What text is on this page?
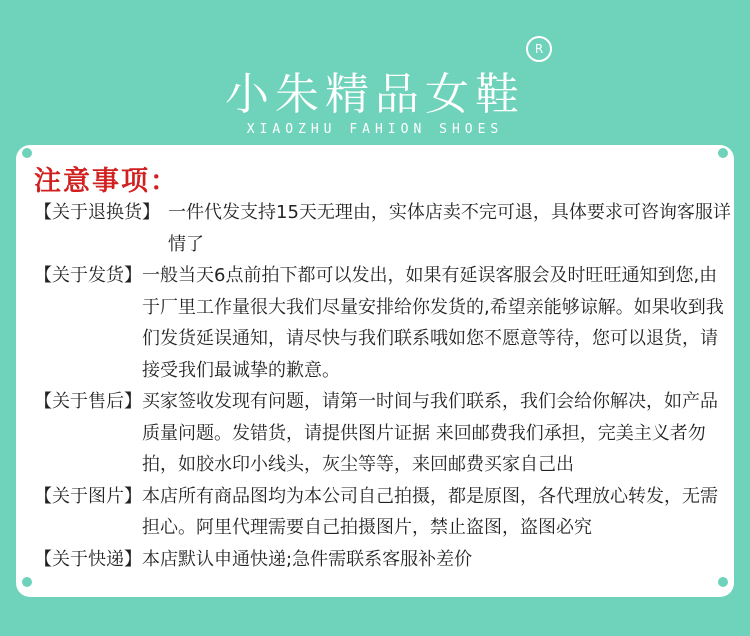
小朱精品女鞋
R
XIAOZHU FAHION SHOES
注意事项：
【关于退换货】 一件代发支持15天无理由，实体店卖不完可退，具体要求可咨询客服详情了
【关于发货】 一般当天6点前拍下都可以发出，如果有延误客服会及时旺旺通知到您,由于厂里工作量很大我们尽量安排给你发货的,希望亲能够谅解。如果收到我们发货延误通知，请尽快与我们联系哦如您不愿意等待，您可以退货，请接受我们最诚挚的歉意。
【关于售后】 买家签收发现有问题，请第一时间与我们联系，我们会给你解决，如产品质量问题。发错货，请提供图片证据 来回邮费我们承担，完美主义者勿拍，如胶水印小线头，灰尘等等，来回邮费买家自己出
【关于图片】 本店所有商品图均为本公司自己拍摄，都是原图，各代理放心转发，无需担心。阿里代理需要自己拍摄图片，禁止盗图，盗图必究
【关于快递】 本店默认申通快递;急件需联系客服补差价
